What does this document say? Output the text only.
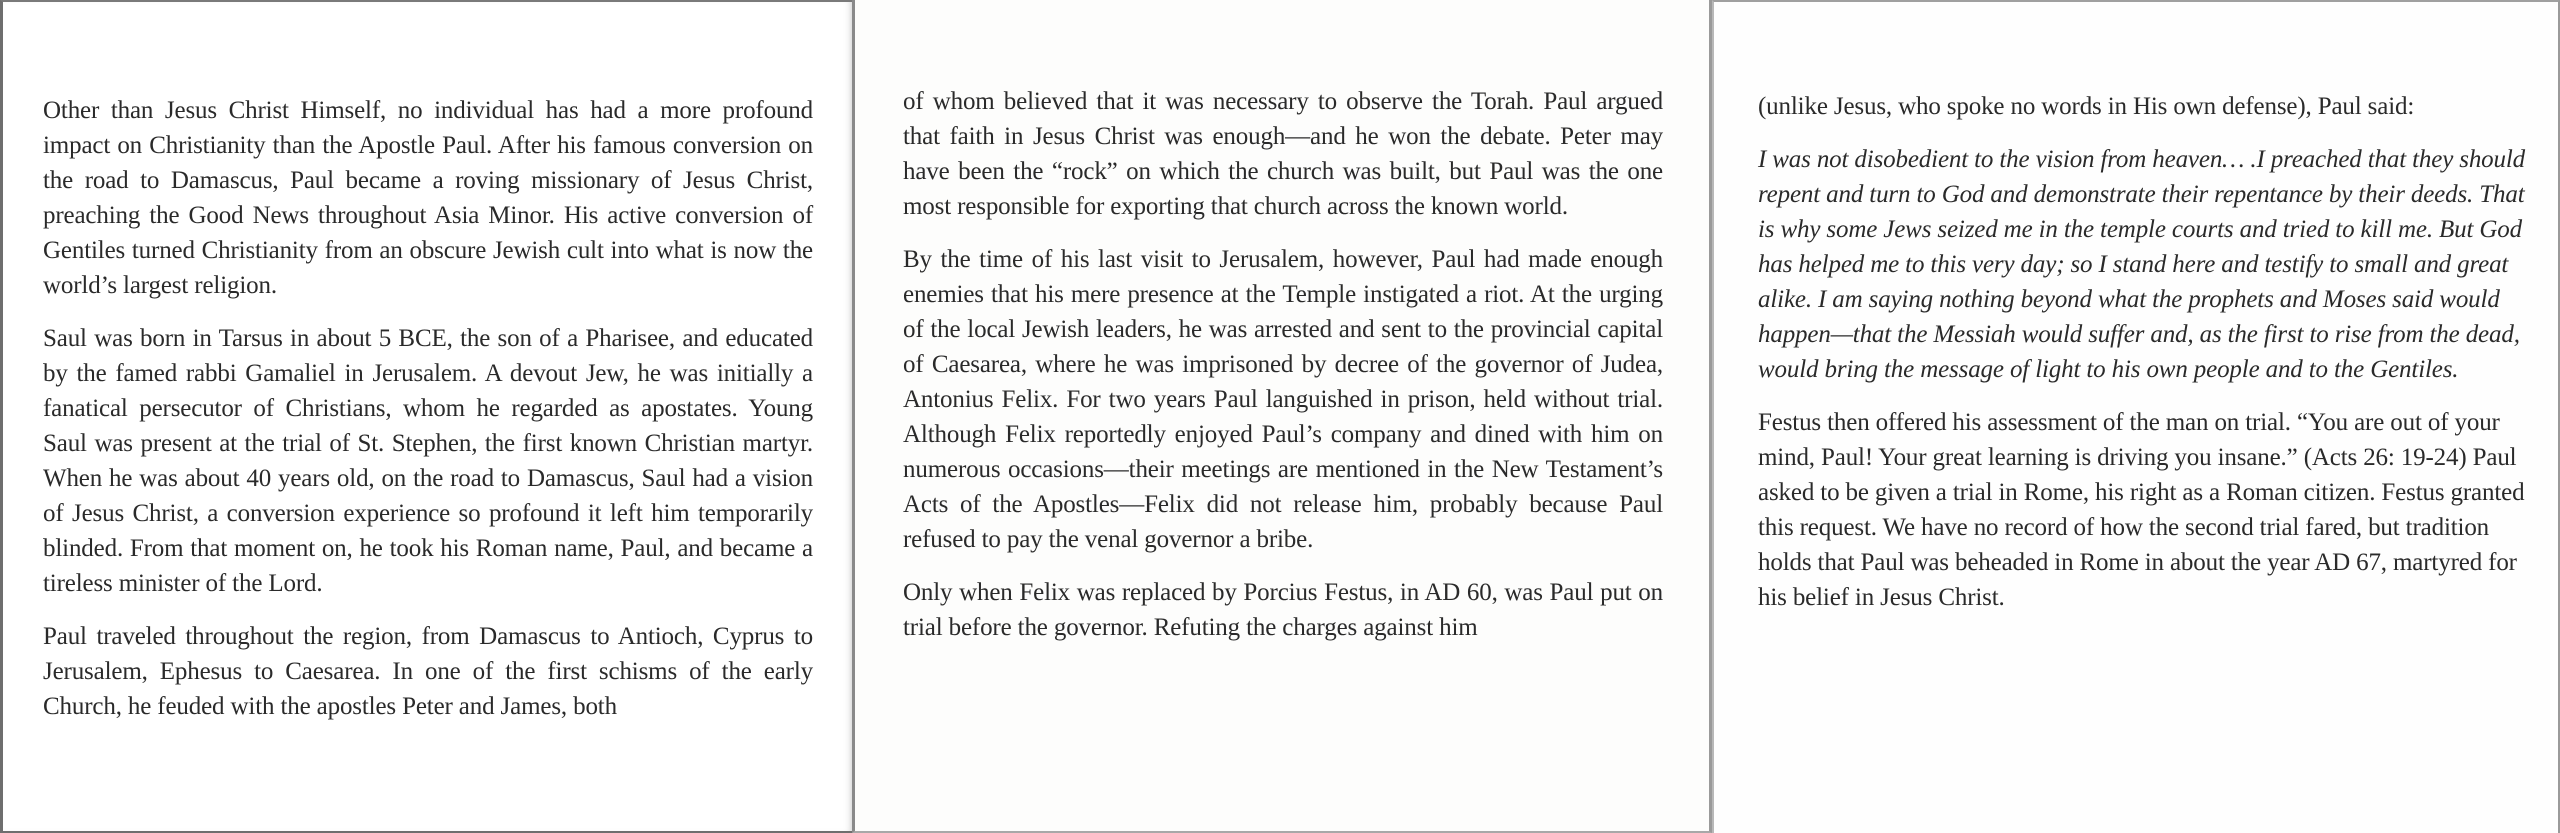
Other than Jesus Christ Himself, no individual has had a more profound impact on Christianity than the Apostle Paul. After his famous conversion on the road to Damascus, Paul became a roving missionary of Jesus Christ, preaching the Good News throughout Asia Minor. His active conversion of Gentiles turned Christianity from an obscure Jewish cult into what is now the world’s largest religion.

Saul was born in Tarsus in about 5 BCE, the son of a Pharisee, and educated by the famed rabbi Gamaliel in Jerusalem. A devout Jew, he was initially a fanatical persecutor of Christians, whom he regarded as apostates. Young Saul was present at the trial of St. Stephen, the first known Christian martyr. When he was about 40 years old, on the road to Damascus, Saul had a vision of Jesus Christ, a conversion experience so profound it left him temporarily blinded. From that moment on, he took his Roman name, Paul, and became a tireless minister of the Lord.

Paul traveled throughout the region, from Damascus to Antioch, Cyprus to Jerusalem, Ephesus to Caesarea. In one of the first schisms of the early Church, he feuded with the apostles Peter and James, both

of whom believed that it was necessary to observe the Torah. Paul argued that faith in Jesus Christ was enough—and he won the debate. Peter may have been the “rock” on which the church was built, but Paul was the one most responsible for exporting that church across the known world.

By the time of his last visit to Jerusalem, however, Paul had made enough enemies that his mere presence at the Temple instigated a riot. At the urging of the local Jewish leaders, he was arrested and sent to the provincial capital of Caesarea, where he was imprisoned by decree of the governor of Judea, Antonius Felix. For two years Paul languished in prison, held without trial. Although Felix reportedly enjoyed Paul’s company and dined with him on numerous occasions—their meetings are mentioned in the New Testament’s Acts of the Apostles—Felix did not release him, probably because Paul refused to pay the venal governor a bribe.

Only when Felix was replaced by Porcius Festus, in AD 60, was Paul put on trial before the governor. Refuting the charges against him

(unlike Jesus, who spoke no words in His own defense), Paul said:

I was not disobedient to the vision from heaven… .I preached that they should repent and turn to God and demonstrate their repentance by their deeds. That is why some Jews seized me in the temple courts and tried to kill me. But God has helped me to this very day; so I stand here and testify to small and great alike. I am saying nothing beyond what the prophets and Moses said would happen—that the Messiah would suffer and, as the first to rise from the dead, would bring the message of light to his own people and to the Gentiles.

Festus then offered his assessment of the man on trial. “You are out of your mind, Paul! Your great learning is driving you insane.” (Acts 26: 19-24) Paul asked to be given a trial in Rome, his right as a Roman citizen. Festus granted this request. We have no record of how the second trial fared, but tradition holds that Paul was beheaded in Rome in about the year AD 67, martyred for his belief in Jesus Christ.
